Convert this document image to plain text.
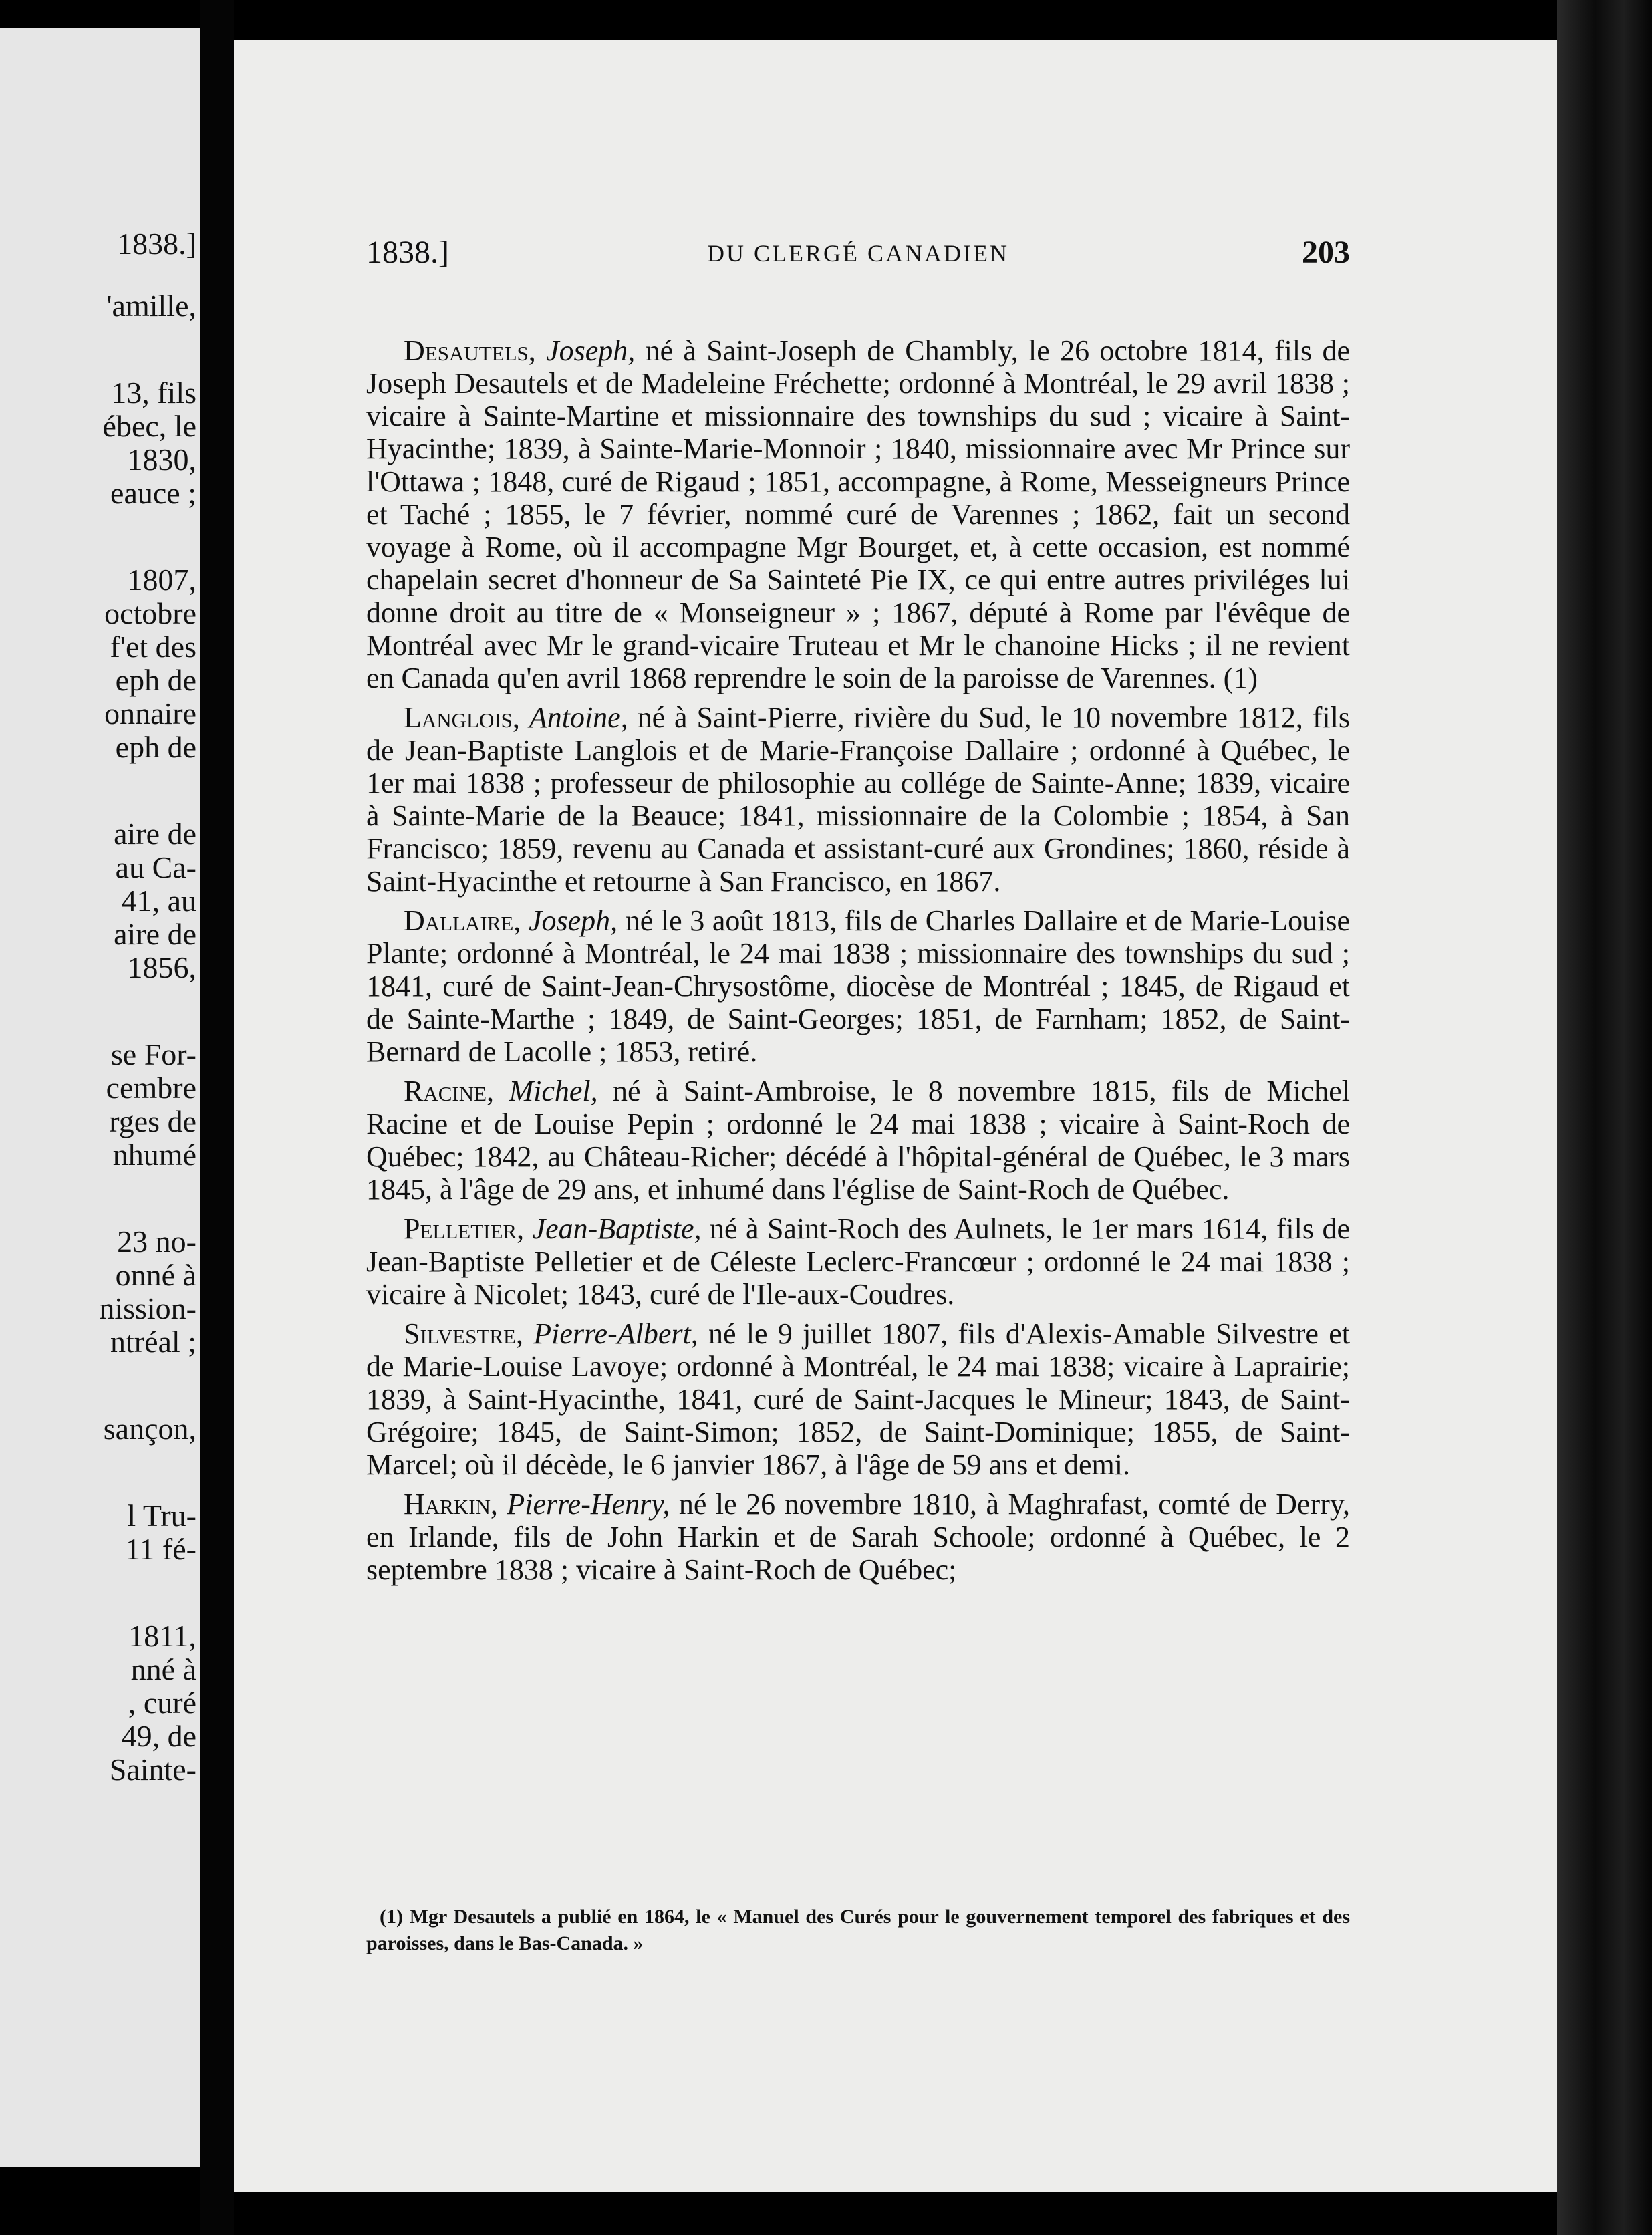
1838.]
'amille,
13, fils
ébec, le
1830,
eauce ;
1807,
octobre
f'et des
eph de
onnaire
eph de
aire de
au Ca-
41, au
aire de
1856,
se For-
cembre
rges de
nhumé
23 no-
onné à
nission-
ntréal ;
sançon,
l Tru-
11 fé-
1811,
nné à
, curé
49, de
Sainte-
1838.]	DU CLERGÉ CANADIEN	203

Desautels, Joseph, né à Saint-Joseph de Chambly, le 26 octobre 1814, fils de Joseph Desautels et de Madeleine Fréchette; ordonné à Montréal, le 29 avril 1838 ; vicaire à Sainte-Martine et missionnaire des townships du sud ; vicaire à Saint-Hyacinthe; 1839, à Sainte-Marie-Monnoir ; 1840, missionnaire avec Mr Prince sur l'Ottawa ; 1848, curé de Rigaud ; 1851, accompagne, à Rome, Messeigneurs Prince et Taché ; 1855, le 7 février, nommé curé de Varennes ; 1862, fait un second voyage à Rome, où il accompagne Mgr Bourget, et, à cette occasion, est nommé chapelain secret d'honneur de Sa Sainteté Pie IX, ce qui entre autres priviléges lui donne droit au titre de « Monseigneur » ; 1867, député à Rome par l'évêque de Montréal avec Mr le grand-vicaire Truteau et Mr le chanoine Hicks ; il ne revient en Canada qu'en avril 1868 reprendre le soin de la paroisse de Varennes. (1)

Langlois, Antoine, né à Saint-Pierre, rivière du Sud, le 10 novembre 1812, fils de Jean-Baptiste Langlois et de Marie-Françoise Dallaire ; ordonné à Québec, le 1er mai 1838 ; professeur de philosophie au collége de Sainte-Anne; 1839, vicaire à Sainte-Marie de la Beauce; 1841, missionnaire de la Colombie ; 1854, à San Francisco; 1859, revenu au Canada et assistant-curé aux Grondines; 1860, réside à Saint-Hyacinthe et retourne à San Francisco, en 1867.

Dallaire, Joseph, né le 3 août 1813, fils de Charles Dallaire et de Marie-Louise Plante; ordonné à Montréal, le 24 mai 1838 ; missionnaire des townships du sud ; 1841, curé de Saint-Jean-Chrysostôme, diocèse de Montréal ; 1845, de Rigaud et de Sainte-Marthe ; 1849, de Saint-Georges; 1851, de Farnham; 1852, de Saint-Bernard de Lacolle ; 1853, retiré.

Racine, Michel, né à Saint-Ambroise, le 8 novembre 1815, fils de Michel Racine et de Louise Pepin ; ordonné le 24 mai 1838 ; vicaire à Saint-Roch de Québec; 1842, au Château-Richer; décédé à l'hôpital-général de Québec, le 3 mars 1845, à l'âge de 29 ans, et inhumé dans l'église de Saint-Roch de Québec.

Pelletier, Jean-Baptiste, né à Saint-Roch des Aulnets, le 1er mars 1614, fils de Jean-Baptiste Pelletier et de Céleste Leclerc-Francœur ; ordonné le 24 mai 1838 ; vicaire à Nicolet; 1843, curé de l'Ile-aux-Coudres.

Silvestre, Pierre-Albert, né le 9 juillet 1807, fils d'Alexis-Amable Silvestre et de Marie-Louise Lavoye; ordonné à Montréal, le 24 mai 1838; vicaire à Laprairie; 1839, à Saint-Hyacinthe, 1841, curé de Saint-Jacques le Mineur; 1843, de Saint-Grégoire; 1845, de Saint-Simon; 1852, de Saint-Dominique; 1855, de Saint-Marcel; où il décède, le 6 janvier 1867, à l'âge de 59 ans et demi.

Harkin, Pierre-Henry, né le 26 novembre 1810, à Maghrafast, comté de Derry, en Irlande, fils de John Harkin et de Sarah Schoole; ordonné à Québec, le 2 septembre 1838 ; vicaire à Saint-Roch de Québec;

(1) Mgr Desautels a publié en 1864, le « Manuel des Curés pour le gouvernement temporel des fabriques et des paroisses, dans le Bas-Canada. »
